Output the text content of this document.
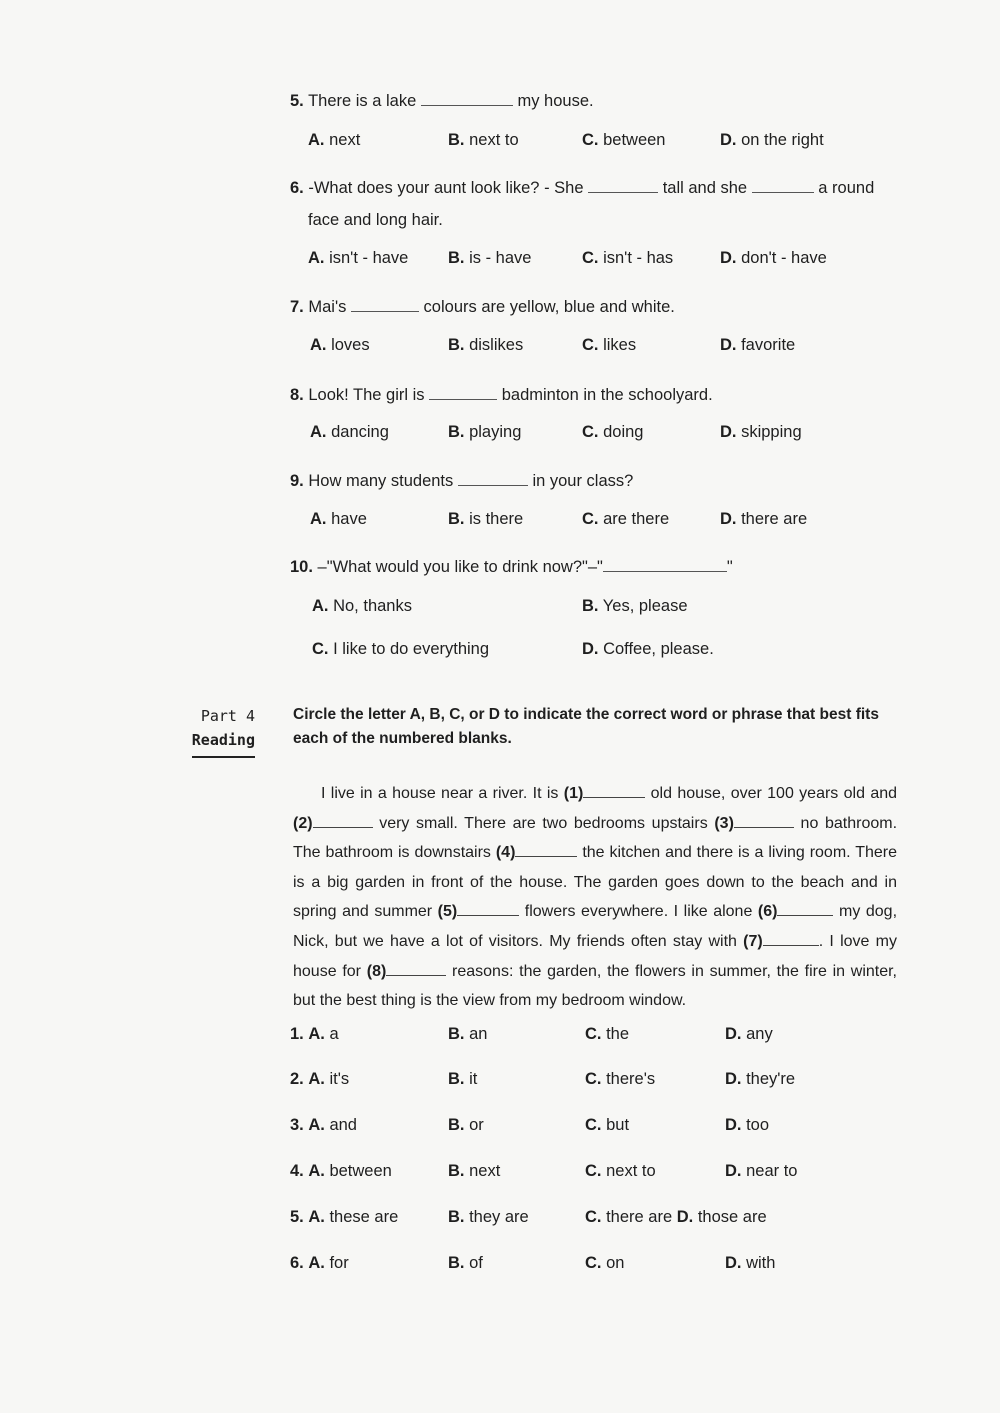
5. There is a lake	my house.
A. next	B. next to	C. between	D. on the right
6. -What does your aunt look like? - She	tall and she	a round
face and long hair.
A. isn't - have B. is - have	C. isn't - has	D. don't - have
7. Mai's	colours are yellow, blue and white.
A. loves	B. dislikes	C. likes	D. favorite
8. Look! The girl is	badminton in the schoolyard.
A. dancing	B. playing	C. doing	D. skipping
9. How many students	in your class?
A. have	B. is there	C. are there	D. there are
10. –"What would you like to drink now?"–"	"
A. No, thanks	B. Yes, please
C. I like to do everything	D. Coffee, please.
Part 4
Reading
Circle the letter A, B, C, or D to indicate the correct word or phrase that best fits each of the numbered blanks.
I live in a house near a river. It is (1)	old house, over 100 years old and (2)	very small. There are two bedrooms upstairs (3)	no bathroom. The bathroom is downstairs (4)	the kitchen and there is a living room. There is a big garden in front of the house. The garden goes down to the beach and in spring and summer (5)	flowers everywhere. I like alone (6)	my dog, Nick, but we have a lot of visitors. My friends often stay with (7)	. I love my house for (8)	reasons: the garden, the flowers in summer, the fire in winter, but the best thing is the view from my bedroom window.
1. A. a	B. an	C. the	D. any
2. A. it's	B. it	C. there's	D. they're
3. A. and	B. or	C. but	D. too
4. A. between	B. next	C. next to	D. near to
5. A. these are	B. they are	C. there are D. those are
6. A. for	B. of	C. on	D. with
